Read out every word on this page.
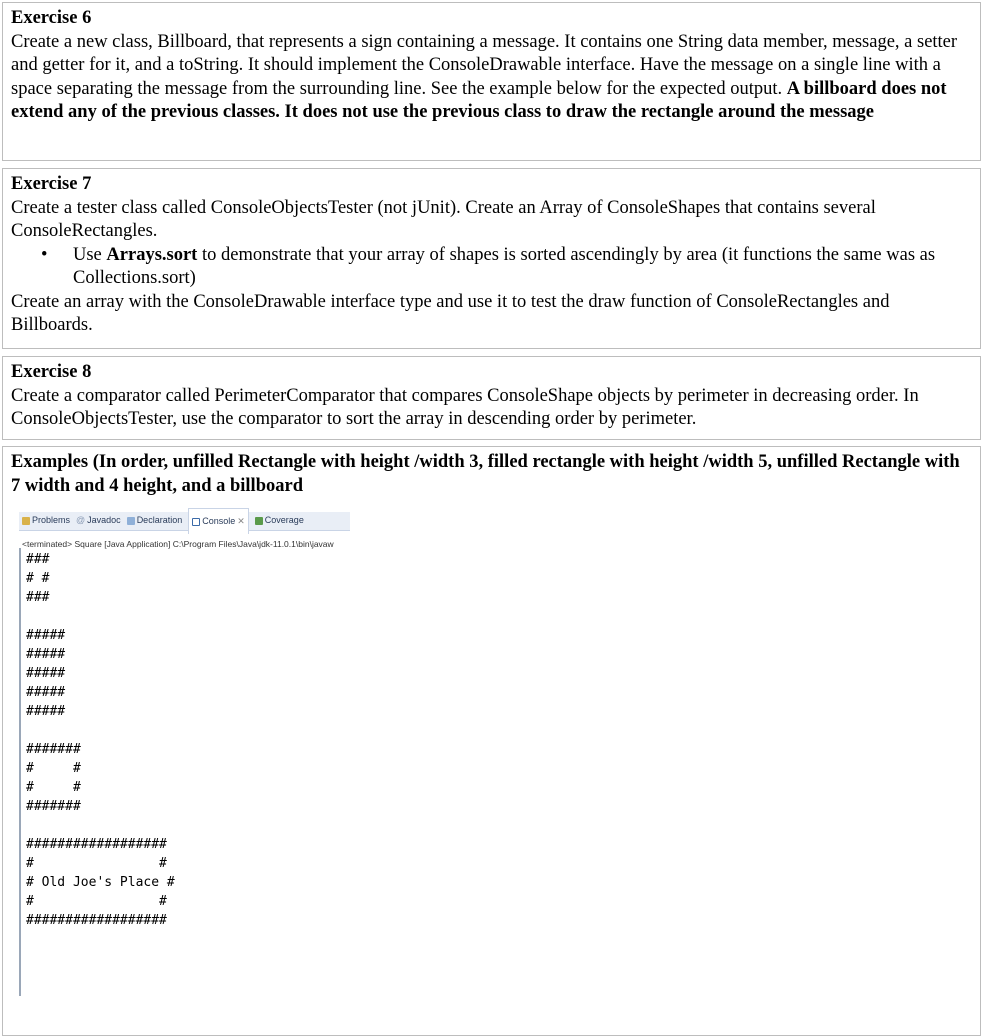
Exercise 6
Create a new class, Billboard, that represents a sign containing a message. It contains one String data member, message, a setter and getter for it, and a toString. It should implement the ConsoleDrawable interface. Have the message on a single line with a space separating the message from the surrounding line. See the example below for the expected output. A billboard does not extend any of the previous classes. It does not use the previous class to draw the rectangle around the message
Exercise 7
Create a tester class called ConsoleObjectsTester (not jUnit). Create an Array of ConsoleShapes that contains several ConsoleRectangles.
• Use Arrays.sort to demonstrate that your array of shapes is sorted ascendingly by area (it functions the same was as Collections.sort)
Create an array with the ConsoleDrawable interface type and use it to test the draw function of ConsoleRectangles and Billboards.
Exercise 8
Create a comparator called PerimeterComparator that compares ConsoleShape objects by perimeter in decreasing order. In ConsoleObjectsTester, use the comparator to sort the array in descending order by perimeter.
Examples (In order, unfilled Rectangle with height /width 3, filled rectangle with height /width 5, unfilled Rectangle with 7 width and 4 height, and a billboard
Problems @ Javadoc Declaration Console ✕ Coverage
<terminated> Square [Java Application] C:\Program Files\Java\jdk-11.0.1\bin\javaw
###
# #
###

#####
#####
#####
#####
#####

#######
#     #
#     #
#######

##################
#                #
# Old Joe's Place #
#                #
##################
